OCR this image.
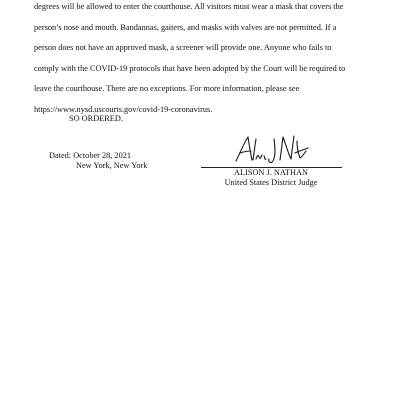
degrees will be allowed to enter the courthouse. All visitors must wear a mask that covers the
person’s nose and mouth. Bandannas, gaiters, and masks with valves are not permitted. If a
person does not have an approved mask, a screener will provide one. Anyone who fails to
comply with the COVID-19 protocols that have been adopted by the Court will be required to
leave the courthouse. There are no exceptions. For more information, please see
https://www.nysd.uscourts.gov/covid-19-coronavirus.

SO ORDERED.
Dated: October 28, 2021
New York, New York
ALISON J. NATHAN
United States District Judge
